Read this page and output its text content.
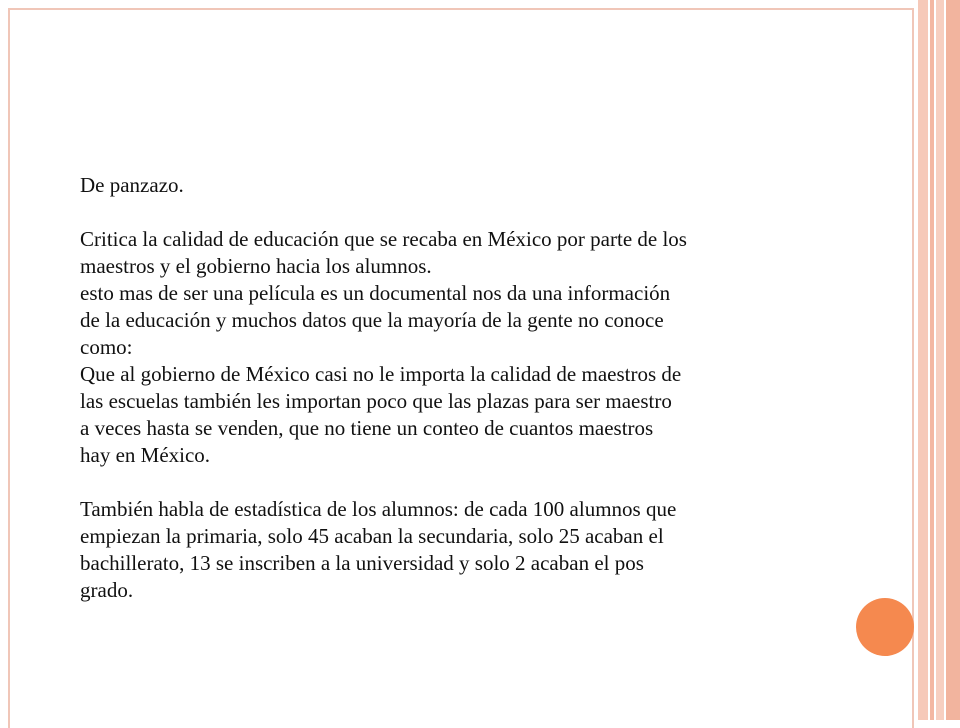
De panzazo.

Critica la calidad de educación que se recaba en México por parte de los
maestros y el gobierno hacia los alumnos.

esto mas de ser una película es un documental nos da una información
de la educación y muchos datos que la mayoría de la gente no conoce
como:

Que al gobierno de México casi no le importa la calidad de maestros de
las escuelas también les importan poco que las plazas para ser maestro
a veces hasta se venden, que no tiene un conteo de cuantos maestros
hay en México.

También habla de estadística de los alumnos: de cada 100 alumnos que
empiezan la primaria, solo 45 acaban la secundaria, solo 25 acaban el
bachillerato, 13 se inscriben a la universidad y solo 2 acaban el pos
grado.
